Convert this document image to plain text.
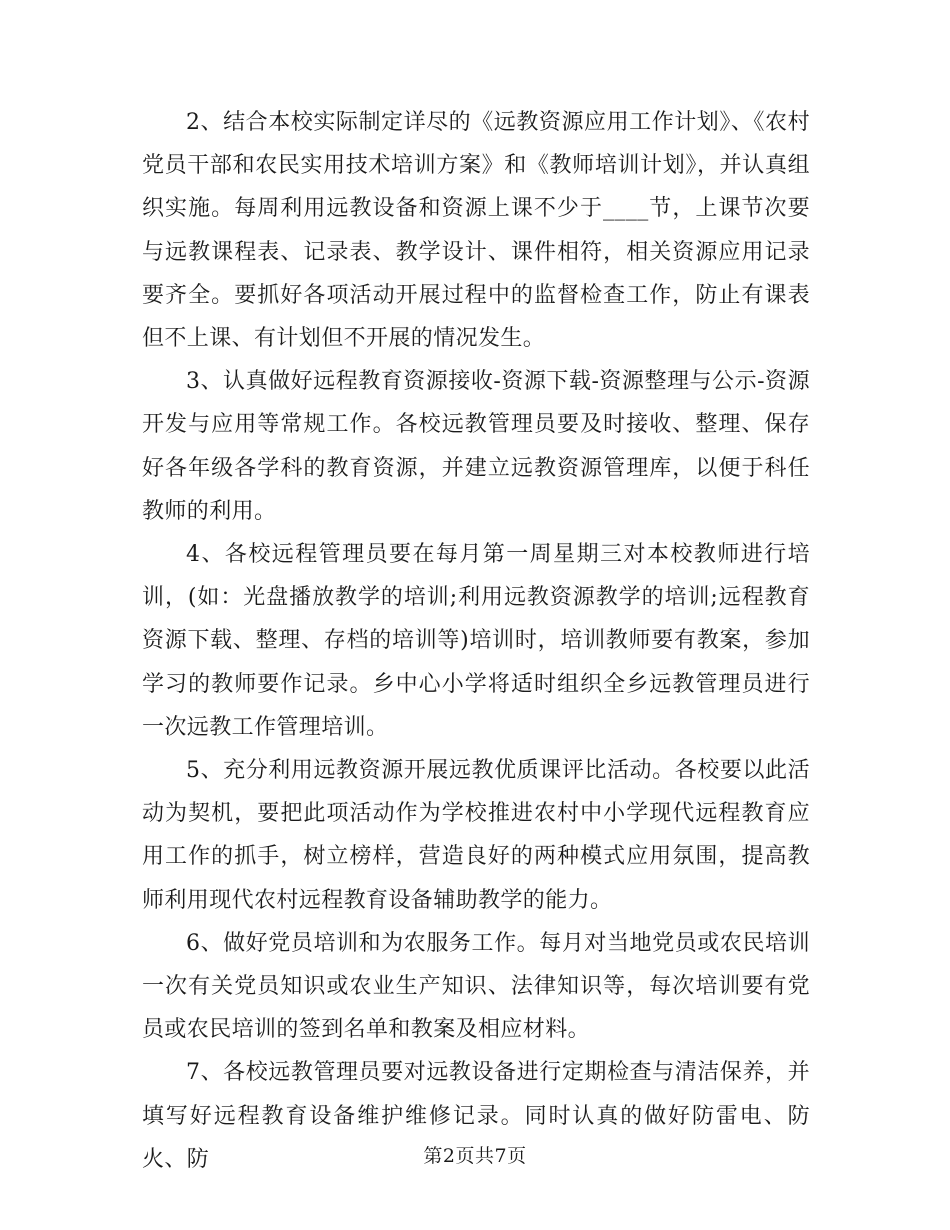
2、结合本校实际制定详尽的《远教资源应用工作计划》、《农村党员干部和农民实用技术培训方案》和《教师培训计划》，并认真组织实施。每周利用远教设备和资源上课不少于____节，上课节次要与远教课程表、记录表、教学设计、课件相符，相关资源应用记录要齐全。要抓好各项活动开展过程中的监督检查工作，防止有课表但不上课、有计划但不开展的情况发生。

3、认真做好远程教育资源接收-资源下载-资源整理与公示-资源开发与应用等常规工作。各校远教管理员要及时接收、整理、保存好各年级各学科的教育资源，并建立远教资源管理库，以便于科任教师的利用。

4、各校远程管理员要在每月第一周星期三对本校教师进行培训，(如：光盘播放教学的培训;利用远教资源教学的培训;远程教育资源下载、整理、存档的培训等)培训时，培训教师要有教案，参加学习的教师要作记录。乡中心小学将适时组织全乡远教管理员进行一次远教工作管理培训。

5、充分利用远教资源开展远教优质课评比活动。各校要以此活动为契机，要把此项活动作为学校推进农村中小学现代远程教育应用工作的抓手，树立榜样，营造良好的两种模式应用氛围，提高教师利用现代农村远程教育设备辅助教学的能力。

6、做好党员培训和为农服务工作。每月对当地党员或农民培训一次有关党员知识或农业生产知识、法律知识等，每次培训要有党员或农民培训的签到名单和教案及相应材料。

7、各校远教管理员要对远教设备进行定期检查与清洁保养，并填写好远程教育设备维护维修记录。同时认真的做好防雷电、防火、防	第2页共7页
